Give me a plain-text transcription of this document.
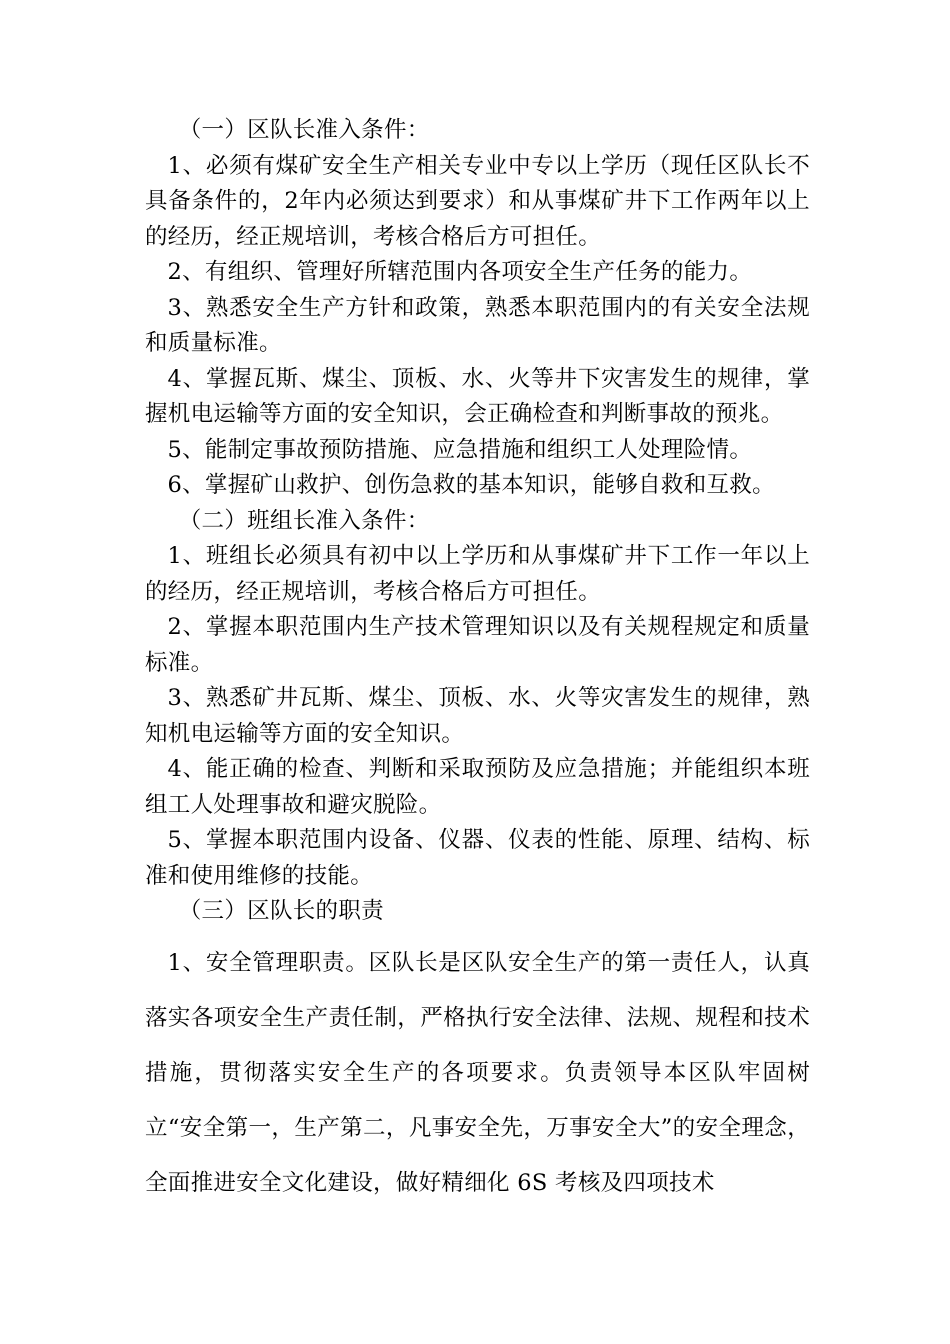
（一）区队长准入条件：

1、必须有煤矿安全生产相关专业中专以上学历（现任区队长不具备条件的，2年内必须达到要求）和从事煤矿井下工作两年以上的经历，经正规培训，考核合格后方可担任。

2、有组织、管理好所辖范围内各项安全生产任务的能力。

3、熟悉安全生产方针和政策，熟悉本职范围内的有关安全法规和质量标准。

4、掌握瓦斯、煤尘、顶板、水、火等井下灾害发生的规律，掌握机电运输等方面的安全知识，会正确检查和判断事故的预兆。

5、能制定事故预防措施、应急措施和组织工人处理险情。

6、掌握矿山救护、创伤急救的基本知识，能够自救和互救。

（二）班组长准入条件：

1、班组长必须具有初中以上学历和从事煤矿井下工作一年以上的经历，经正规培训，考核合格后方可担任。

2、掌握本职范围内生产技术管理知识以及有关规程规定和质量标准。

3、熟悉矿井瓦斯、煤尘、顶板、水、火等灾害发生的规律，熟知机电运输等方面的安全知识。

4、能正确的检查、判断和采取预防及应急措施；并能组织本班组工人处理事故和避灾脱险。

5、掌握本职范围内设备、仪器、仪表的性能、原理、结构、标准和使用维修的技能。

（三）区队长的职责

1、安全管理职责。区队长是区队安全生产的第一责任人，认真落实各项安全生产责任制，严格执行安全法律、法规、规程和技术措施，贯彻落实安全生产的各项要求。负责领导本区队牢固树立“安全第一，生产第二，凡事安全先，万事安全大”的安全理念，全面推进安全文化建设，做好精细化 6S 考核及四项技术
